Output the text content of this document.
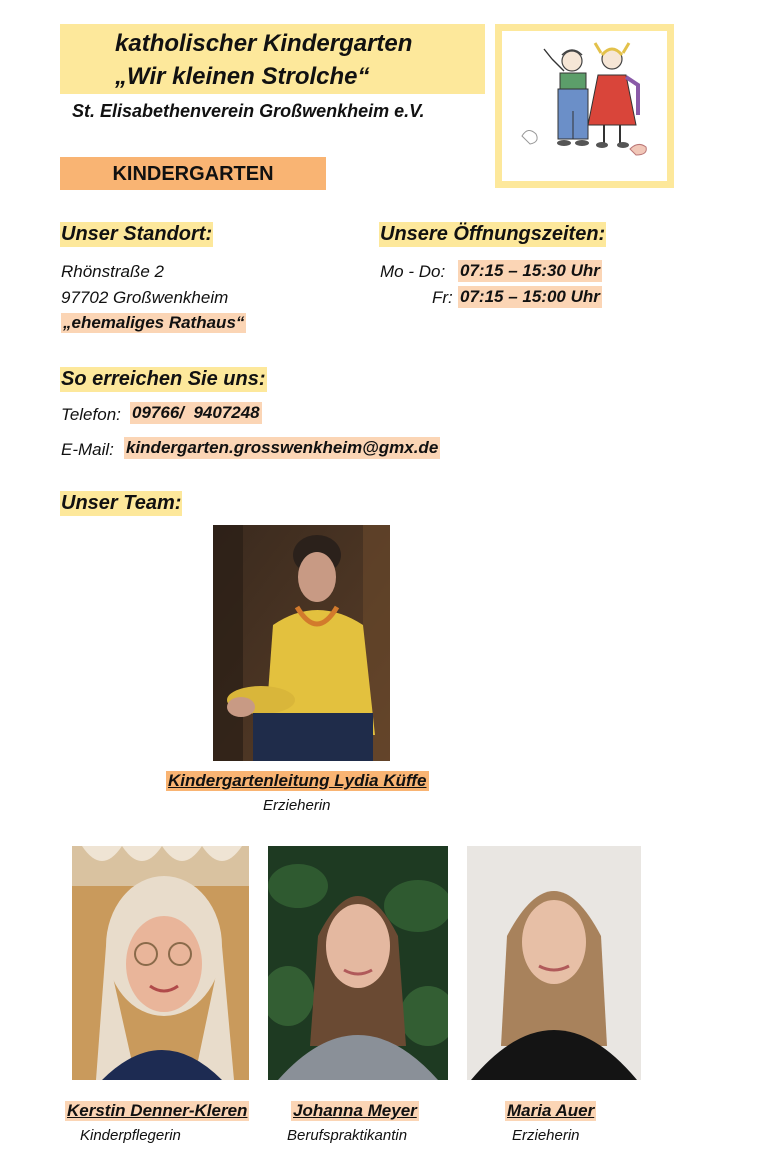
katholischer Kindergarten
„Wir kleinen Strolche“
St. Elisabethenverein Großwenkheim e.V.
KINDERGARTEN
Unser Standort:
Rhönstraße 2
97702 Großwenkheim
„ehemaliges Rathaus“
Unsere Öffnungszeiten:
Mo - Do: 07:15 – 15:30 Uhr
Fr: 07:15 – 15:00 Uhr
So erreichen Sie uns:
Telefon: 09766/  9407248
E-Mail: kindergarten.grosswenkheim@gmx.de
Unser Team:
Kindergartenleitung Lydia Küffe
Erzieherin
Kerstin Denner-Kleren
Kinderpflegerin
Johanna Meyer
Berufspraktikantin
Maria Auer
Erzieherin
